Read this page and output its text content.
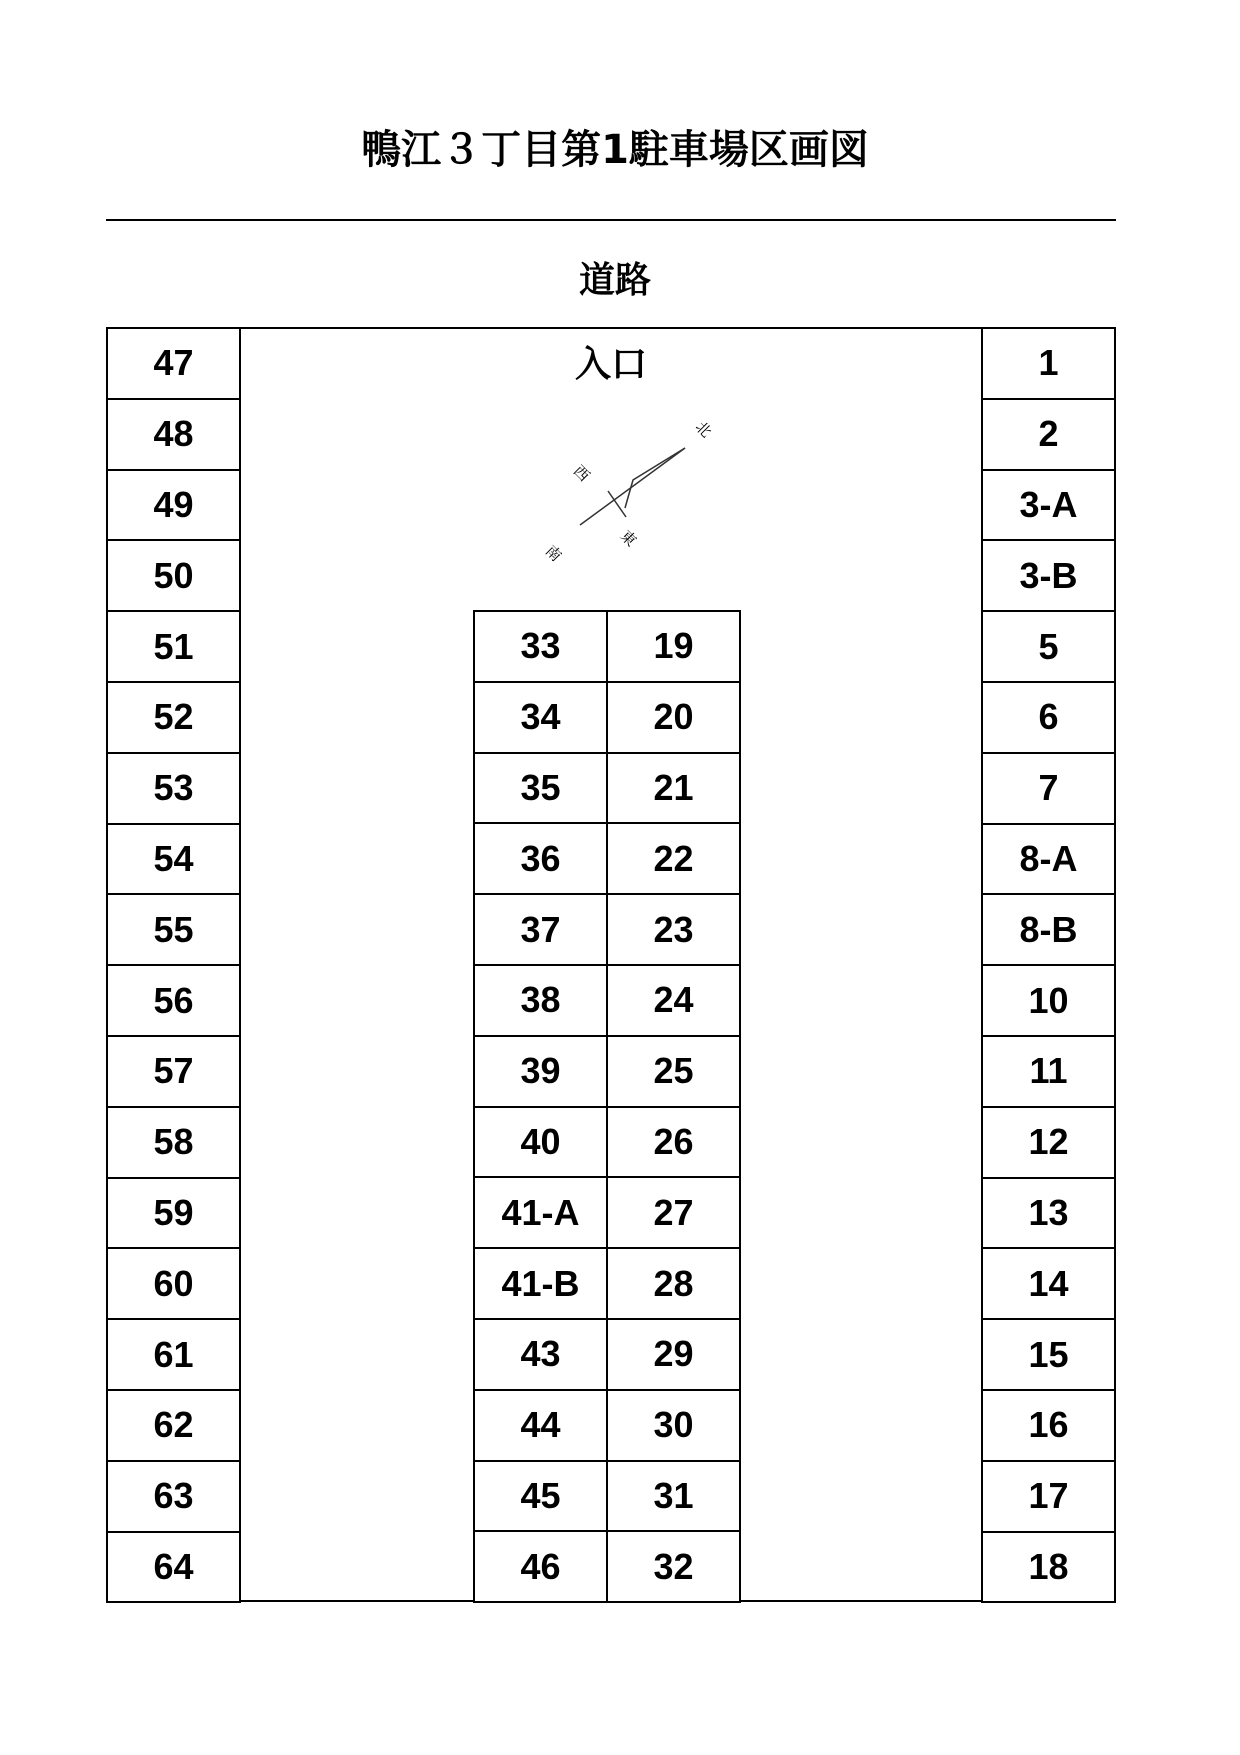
鴨江３丁目第1駐車場区画図
道路
入口
北
西
南
東
47
48
49
50
51
52
53
54
55
56
57
58
59
60
61
62
63
64
33
34
35
36
37
38
39
40
41-A
41-B
43
44
45
46
19
20
21
22
23
24
25
26
27
28
29
30
31
32
1
2
3-A
3-B
5
6
7
8-A
8-B
10
11
12
13
14
15
16
17
18
